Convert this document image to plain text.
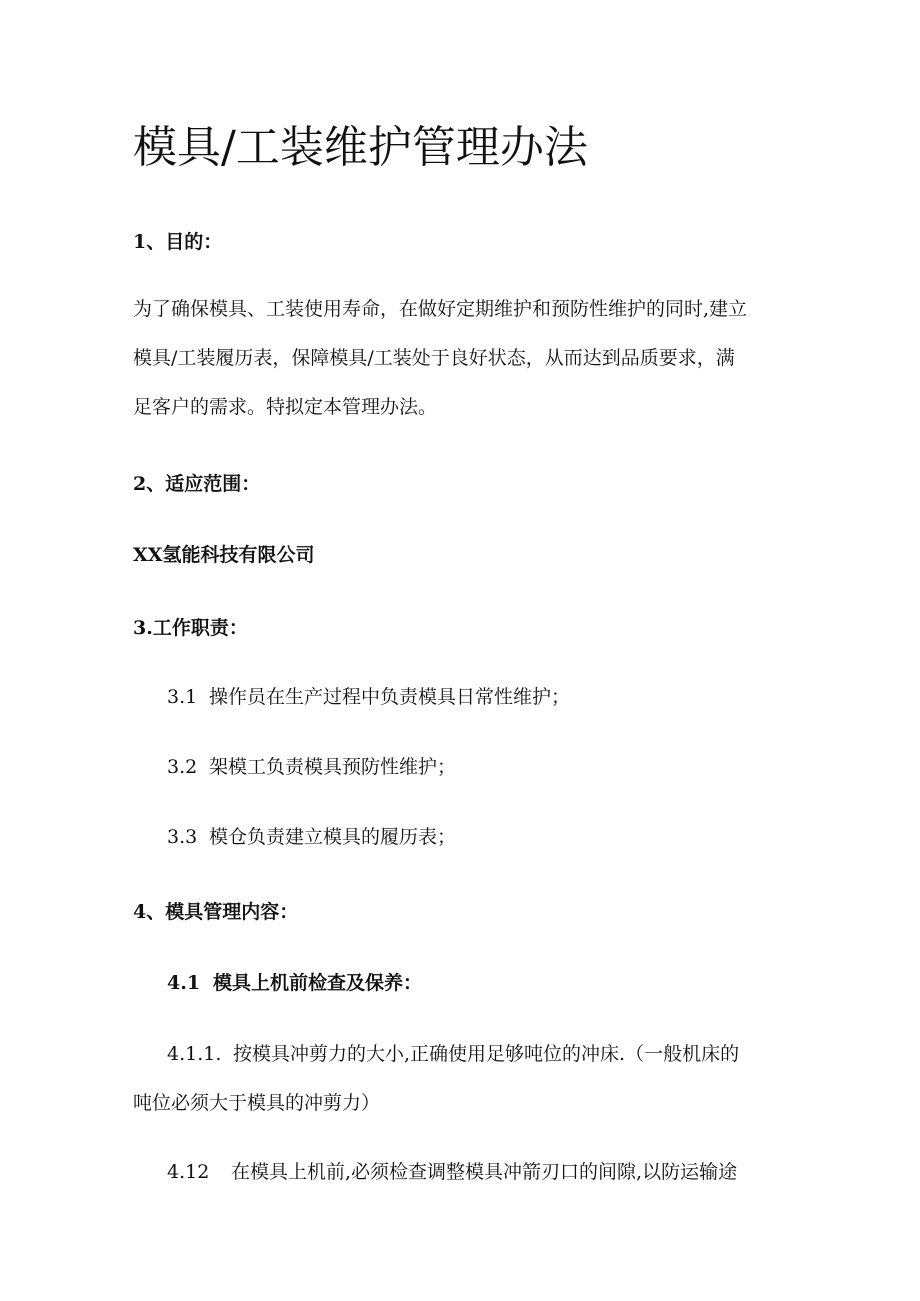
模具/工装维护管理办法
1、目的：
为了确保模具、工装使用寿命，在做好定期维护和预防性维护的同时,建立
模具/工装履历表，保障模具/工装处于良好状态，从而达到品质要求，满
足客户的需求。特拟定本管理办法。
2、适应范围：
XX氢能科技有限公司
3.工作职责：
3.1 操作员在生产过程中负责模具日常性维护；
3.2 架模工负责模具预防性维护；
3.3 模仓负责建立模具的履历表；
4、模具管理内容：
4.1 模具上机前检查及保养：
4.1.1. 按模具冲剪力的大小,正确使用足够吨位的冲床.（一般机床的
吨位必须大于模具的冲剪力）
4.12 在模具上机前,必须检查调整模具冲箭刃口的间隙,以防运输途
